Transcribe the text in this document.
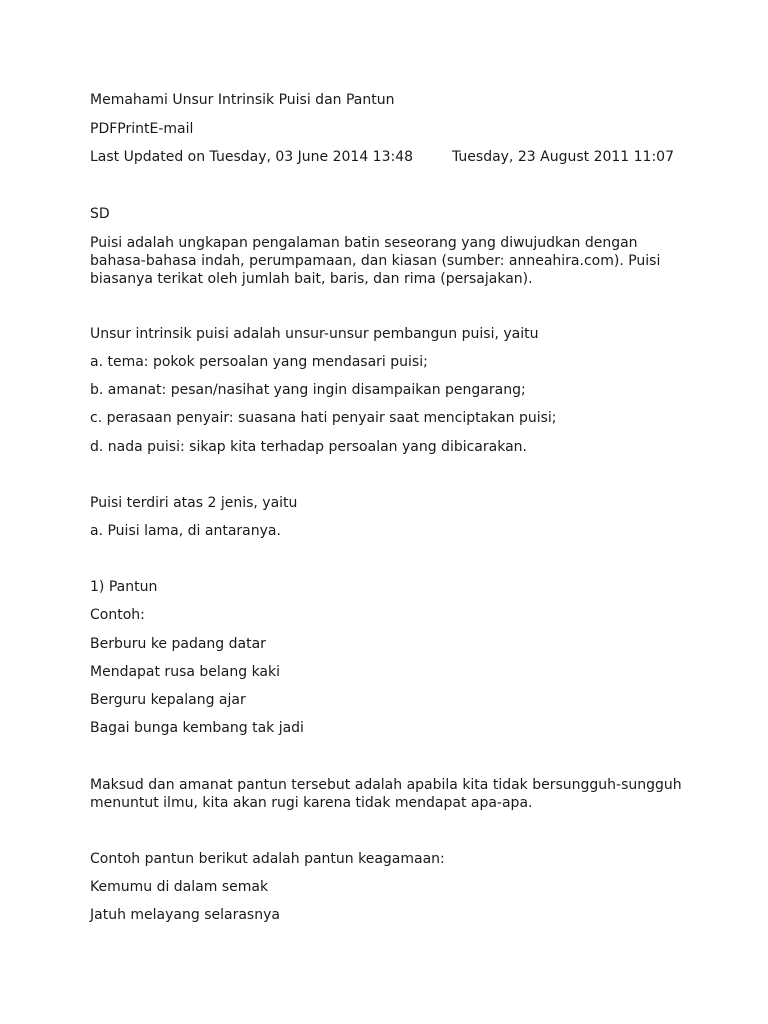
Memahami Unsur Intrinsik Puisi dan Pantun
PDFPrintE-mail
Last Updated on Tuesday, 03 June 2014 13:48	Tuesday, 23 August 2011 11:07
SD
Puisi adalah ungkapan pengalaman batin seseorang yang diwujudkan dengan
bahasa-bahasa indah, perumpamaan, dan kiasan (sumber: anneahira.com). Puisi
biasanya terikat oleh jumlah bait, baris, dan rima (persajakan).
Unsur intrinsik puisi adalah unsur-unsur pembangun puisi, yaitu
a. tema: pokok persoalan yang mendasari puisi;
b. amanat: pesan/nasihat yang ingin disampaikan pengarang;
c. perasaan penyair: suasana hati penyair saat menciptakan puisi;
d. nada puisi: sikap kita terhadap persoalan yang dibicarakan.
Puisi terdiri atas 2 jenis, yaitu
a. Puisi lama, di antaranya.
1) Pantun
Contoh:
Berburu ke padang datar
Mendapat rusa belang kaki
Berguru kepalang ajar
Bagai bunga kembang tak jadi
Maksud dan amanat pantun tersebut adalah apabila kita tidak bersungguh-sungguh
menuntut ilmu, kita akan rugi karena tidak mendapat apa-apa.
Contoh pantun berikut adalah pantun keagamaan:
Kemumu di dalam semak
Jatuh melayang selarasnya
